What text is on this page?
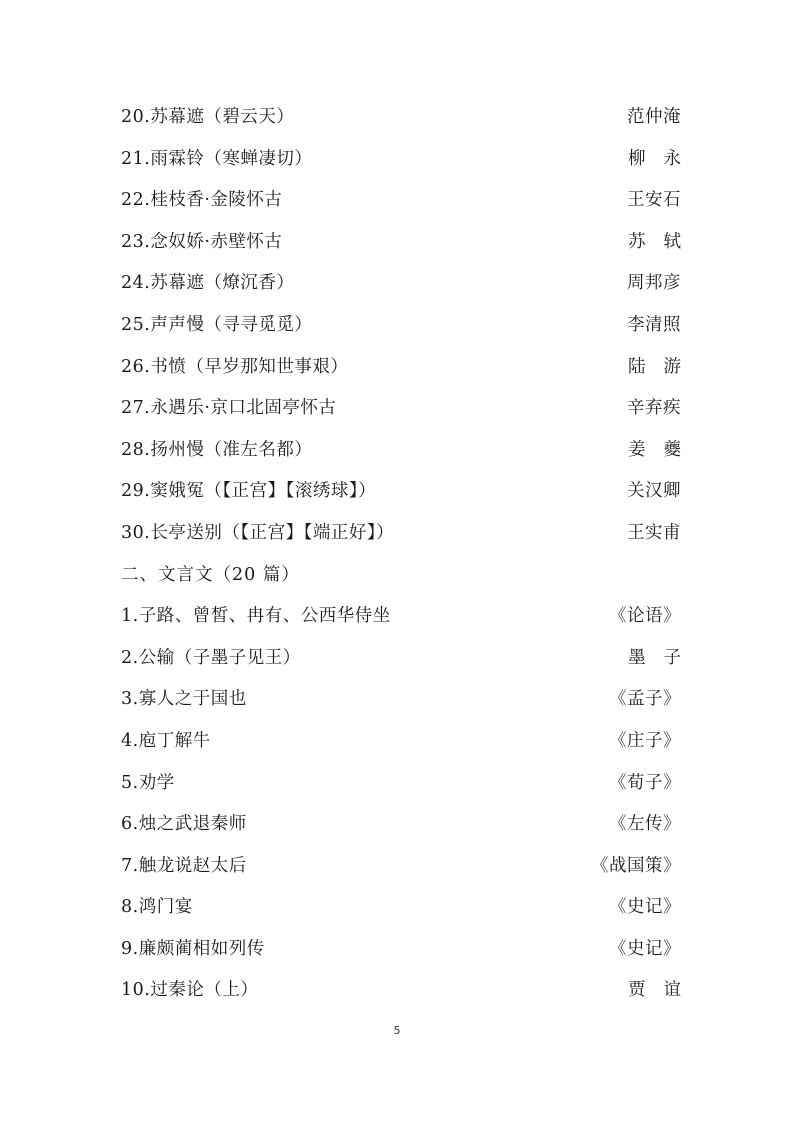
20.苏幕遮（碧云天）	范仲淹
21.雨霖铃（寒蝉凄切）	柳永
22.桂枝香·金陵怀古	王安石
23.念奴娇·赤壁怀古	苏轼
24.苏幕遮（燎沉香）	周邦彦
25.声声慢（寻寻觅觅）	李清照
26.书愤（早岁那知世事艰）	陆游
27.永遇乐·京口北固亭怀古	辛弃疾
28.扬州慢（准左名都）	姜夔
29.窦娥冤（【正宫】【滚绣球】）	关汉卿
30.长亭送别（【正宫】【端正好】）	王实甫
二、文言文（20 篇）
1.子路、曾皙、冉有、公西华侍坐	《论语》
2.公输（子墨子见王）	墨子
3.寡人之于国也	《孟子》
4.庖丁解牛	《庄子》
5.劝学	《荀子》
6.烛之武退秦师	《左传》
7.触龙说赵太后	《战国策》
8.鸿门宴	《史记》
9.廉颇蔺相如列传	《史记》
10.过秦论（上）	贾谊
5
